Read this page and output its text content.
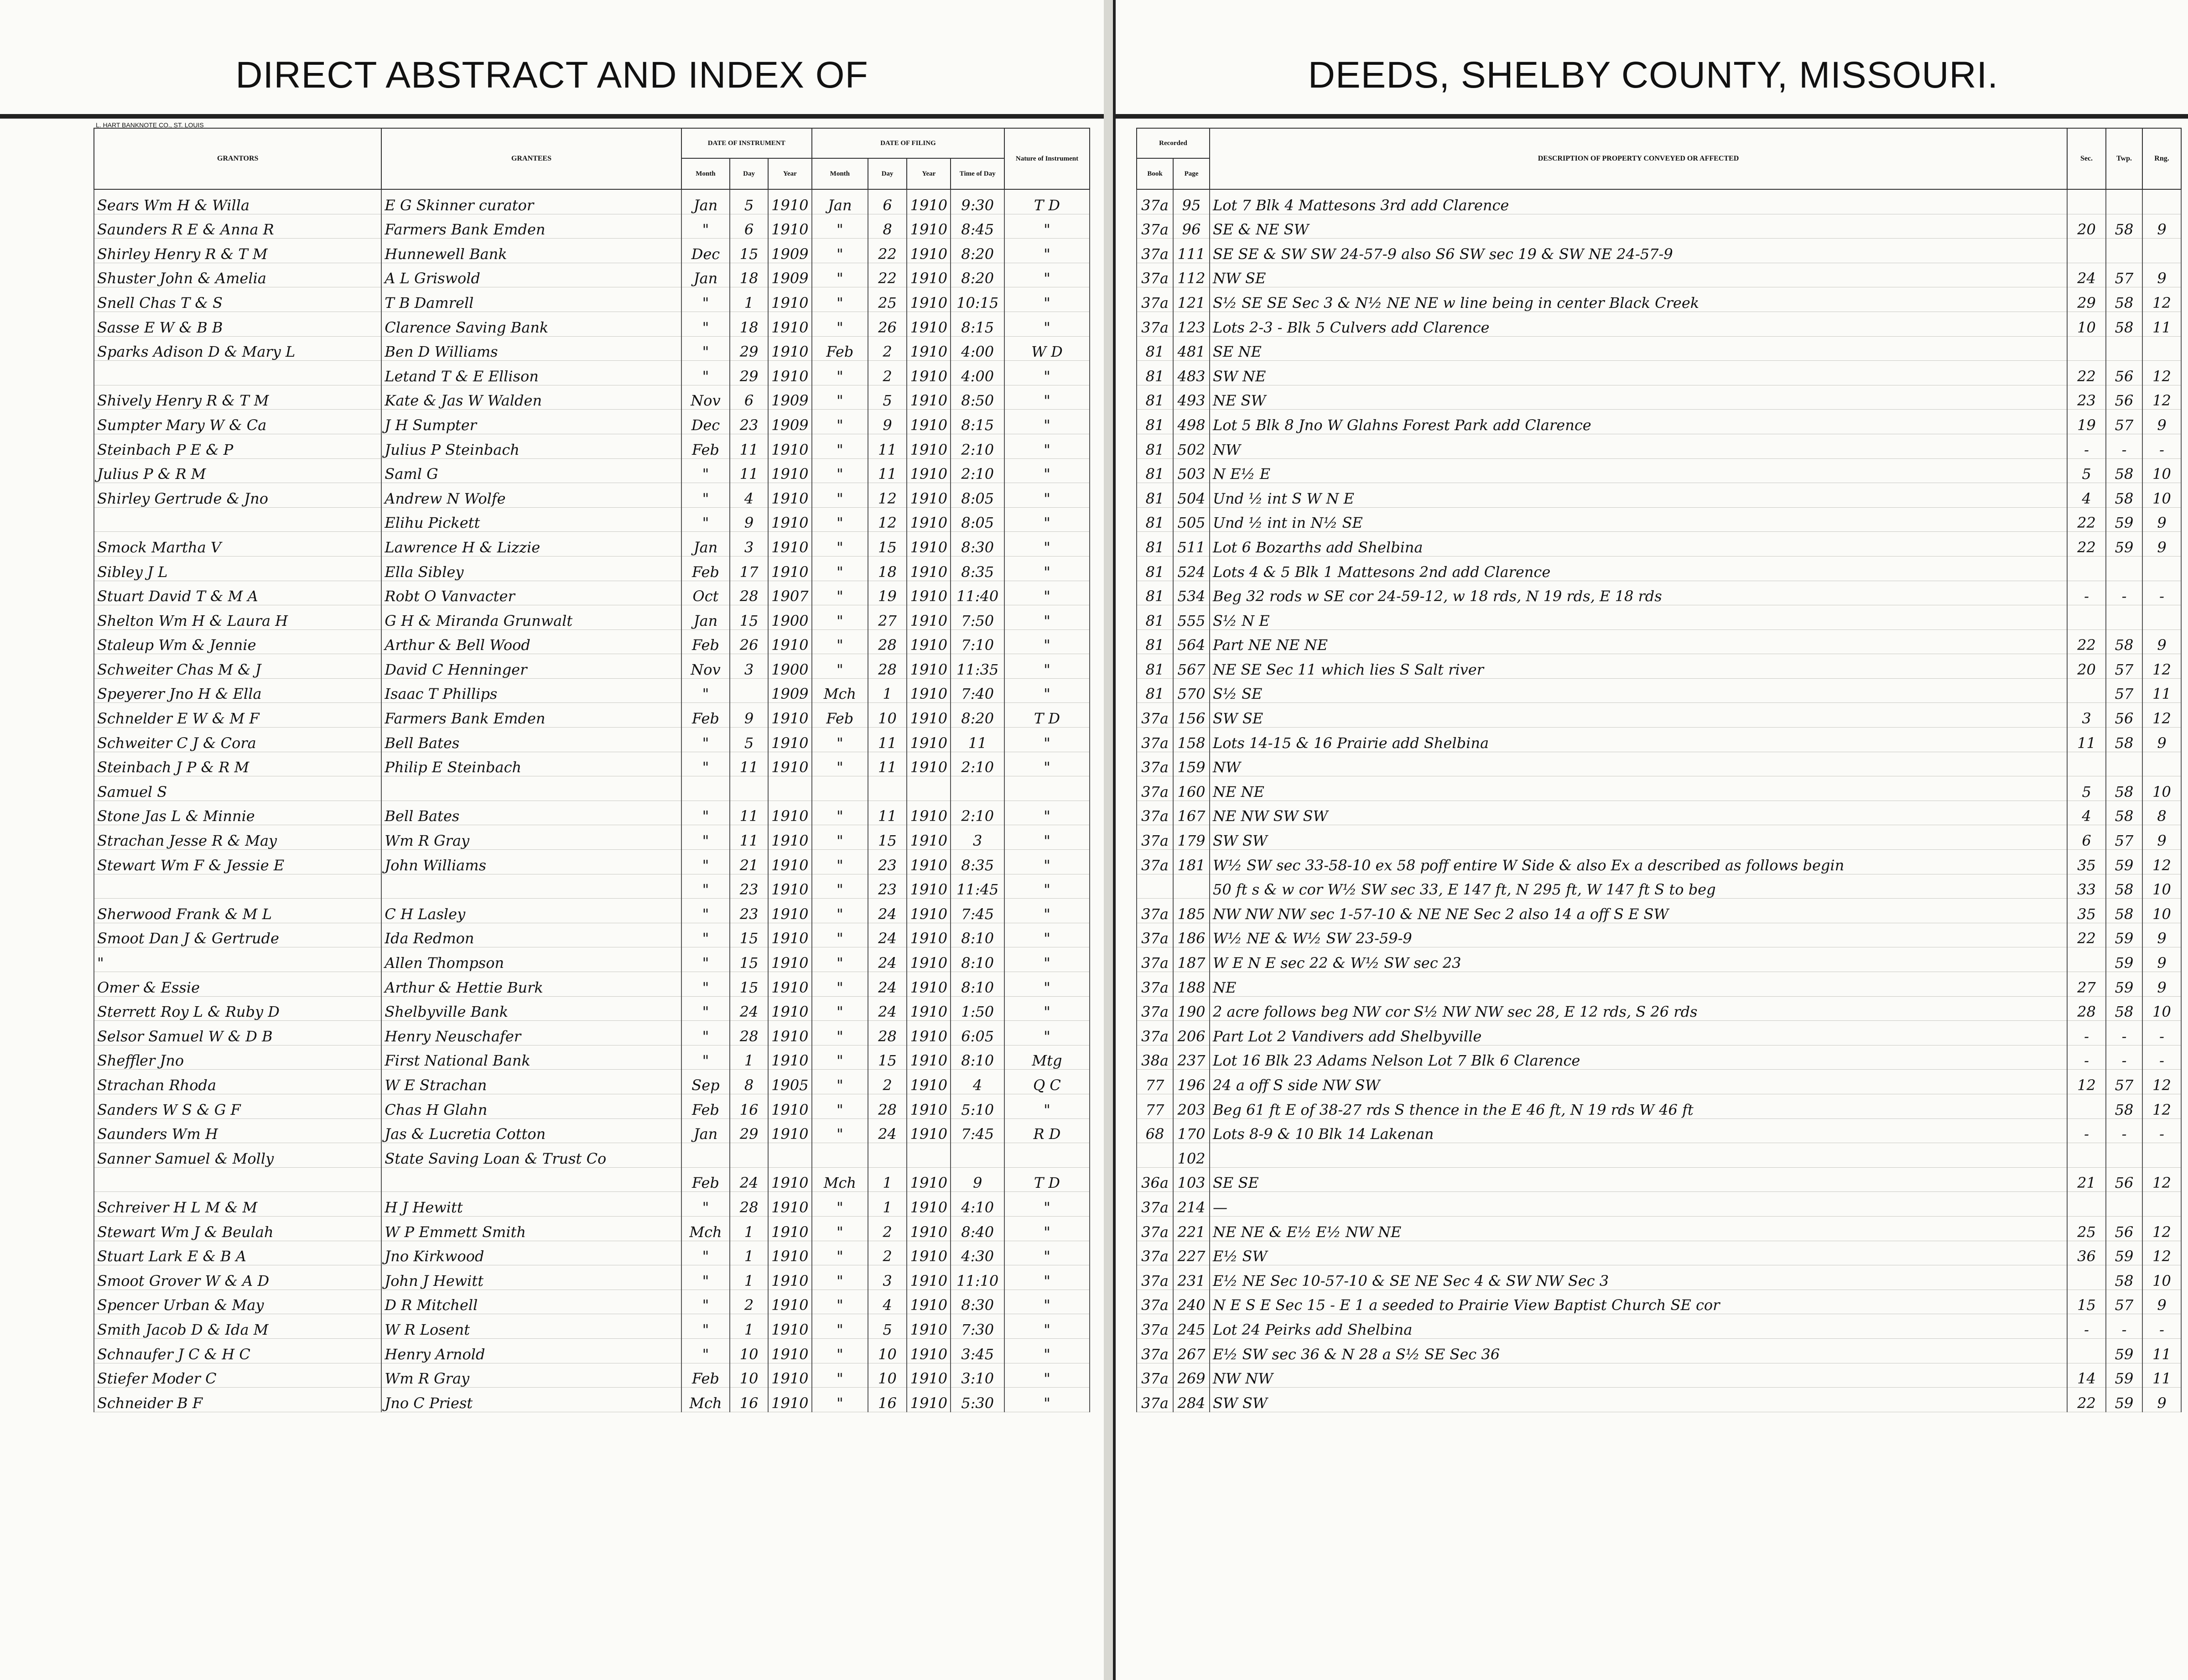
DIRECT ABSTRACT AND INDEX OF
L. HART BANKNOTE CO., ST. LOUIS
GRANTORS	GRANTEES	DATE OF INSTRUMENT			DATE OF FILING				Nature of Instrument
		Month	Day	Year	Month	Day	Year	Time of Day	
Sears Wm H & Willa	E G Skinner curator	Jan	5	1910	Jan	6	1910	9:30	T D
Saunders R E & Anna R	Farmers Bank Emden	"	6	1910	"	8	1910	8:45	"
Shirley Henry R & T M	Hunnewell Bank	Dec	15	1909	"	22	1910	8:20	"
Shuster John & Amelia	A L Griswold	Jan	18	1909	"	22	1910	8:20	"
Snell Chas T & S	T B Damrell	"	1	1910	"	25	1910	10:15	"
Sasse E W & B B	Clarence Saving Bank	"	18	1910	"	26	1910	8:15	"
Sparks Adison D & Mary L	Ben D Williams	"	29	1910	Feb	2	1910	4:00	W D
	Letand T & E Ellison	"	29	1910	"	2	1910	4:00	"
Shively Henry R & T M	Kate & Jas W Walden	Nov	6	1909	"	5	1910	8:50	"
Sumpter Mary W & Ca	J H Sumpter	Dec	23	1909	"	9	1910	8:15	"
Steinbach P E & P	Julius P Steinbach	Feb	11	1910	"	11	1910	2:10	"
Julius P & R M	Saml G	"	11	1910	"	11	1910	2:10	"
Shirley Gertrude & Jno	Andrew N Wolfe	"	4	1910	"	12	1910	8:05	"
	Elihu Pickett	"	9	1910	"	12	1910	8:05	"
Smock Martha V	Lawrence H & Lizzie	Jan	3	1910	"	15	1910	8:30	"
Sibley J L	Ella Sibley	Feb	17	1910	"	18	1910	8:35	"
Stuart David T & M A	Robt O Vanvacter	Oct	28	1907	"	19	1910	11:40	"
Shelton Wm H & Laura H	G H & Miranda Grunwalt	Jan	15	1900	"	27	1910	7:50	"
Staleup Wm & Jennie	Arthur & Bell Wood	Feb	26	1910	"	28	1910	7:10	"
Schweiter Chas M & J	David C Henninger	Nov	3	1900	"	28	1910	11:35	"
Speyerer Jno H & Ella	Isaac T Phillips	"		1909	Mch	1	1910	7:40	"
Schnelder E W & M F	Farmers Bank Emden	Feb	9	1910	Feb	10	1910	8:20	T D
Schweiter C J & Cora	Bell Bates	"	5	1910	"	11	1910	11	"
Steinbach J P & R M	Philip E Steinbach	"	11	1910	"	11	1910	2:10	"
Samuel S									
Stone Jas L & Minnie	Bell Bates	"	11	1910	"	11	1910	2:10	"
Strachan Jesse R & May	Wm R Gray	"	11	1910	"	15	1910	3	"
Stewart Wm F & Jessie E	John Williams	"	21	1910	"	23	1910	8:35	"
		"	23	1910	"	23	1910	11:45	"
Sherwood Frank & M L	C H Lasley	"	23	1910	"	24	1910	7:45	"
Smoot Dan J & Gertrude	Ida Redmon	"	15	1910	"	24	1910	8:10	"
"	Allen Thompson	"	15	1910	"	24	1910	8:10	"
Omer & Essie	Arthur & Hettie Burk	"	15	1910	"	24	1910	8:10	"
Sterrett Roy L & Ruby D	Shelbyville Bank	"	24	1910	"	24	1910	1:50	"
Selsor Samuel W & D B	Henry Neuschafer	"	28	1910	"	28	1910	6:05	"
Sheffler Jno	First National Bank	"	1	1910	"	15	1910	8:10	Mtg
Strachan Rhoda	W E Strachan	Sep	8	1905	"	2	1910	4	Q C
Sanders W S & G F	Chas H Glahn	Feb	16	1910	"	28	1910	5:10	"
Saunders Wm H	Jas & Lucretia Cotton	Jan	29	1910	"	24	1910	7:45	R D
Sanner Samuel & Molly	State Saving Loan & Trust Co								
		Feb	24	1910	Mch	1	1910	9	T D
Schreiver H L M & M	H J Hewitt	"	28	1910	"	1	1910	4:10	"
Stewart Wm J & Beulah	W P Emmett Smith	Mch	1	1910	"	2	1910	8:40	"
Stuart Lark E & B A	Jno Kirkwood	"	1	1910	"	2	1910	4:30	"
Smoot Grover W & A D	John J Hewitt	"	1	1910	"	3	1910	11:10	"
Spencer Urban & May	D R Mitchell	"	2	1910	"	4	1910	8:30	"
Smith Jacob D & Ida M	W R Losent	"	1	1910	"	5	1910	7:30	"
Schnaufer J C & H C	Henry Arnold	"	10	1910	"	10	1910	3:45	"
Stiefer Moder C	Wm R Gray	Feb	10	1910	"	10	1910	3:10	"
Schneider B F	Jno C Priest	Mch	16	1910	"	16	1910	5:30	"
DEEDS, SHELBY COUNTY, MISSOURI.
Recorded		DESCRIPTION OF PROPERTY CONVEYED OR AFFECTED	Sec.	Twp.	Rng.
Book	Page				
37a	95	Lot 7 Blk 4 Mattesons 3rd add Clarence			
37a	96	SE & NE SW	20	58	9
37a	111	SE SE & SW SW 24-57-9 also S6 SW sec 19 & SW NE 24-57-9			
37a	112	NW SE	24	57	9
37a	121	S½ SE SE Sec 3 & N½ NE NE w line being in center Black Creek	29	58	12
37a	123	Lots 2-3 - Blk 5 Culvers add Clarence	10	58	11
81	481	SE NE			
81	483	SW NE	22	56	12
81	493	NE SW	23	56	12
81	498	Lot 5 Blk 8 Jno W Glahns Forest Park add Clarence	19	57	9
81	502	NW	-	-	-
81	503	N E½ E	5	58	10
81	504	Und ½ int S W N E	4	58	10
81	505	Und ½ int in N½ SE	22	59	9
81	511	Lot 6 Bozarths add Shelbina	22	59	9
81	524	Lots 4 & 5 Blk 1 Mattesons 2nd add Clarence			
81	534	Beg 32 rods w SE cor 24-59-12, w 18 rds, N 19 rds, E 18 rds	-	-	-
81	555	S½ N E			
81	564	Part NE NE NE	22	58	9
81	567	NE SE Sec 11 which lies S Salt river	20	57	12
81	570	S½ SE		57	11
37a	156	SW SE	3	56	12
37a	158	Lots 14-15 & 16 Prairie add Shelbina	11	58	9
37a	159	NW			
37a	160	NE NE	5	58	10
37a	167	NE NW SW SW	4	58	8
37a	179	SW SW	6	57	9
37a	181	W½ SW sec 33-58-10 ex 58 poff entire W Side & also Ex a described as follows begin	35	59	12
		50 ft s & w cor W½ SW sec 33, E 147 ft, N 295 ft, W 147 ft S to beg	33	58	10
37a	185	NW NW NW sec 1-57-10 & NE NE Sec 2 also 14 a off S E SW	35	58	10
37a	186	W½ NE & W½ SW 23-59-9	22	59	9
37a	187	W E N E sec 22 & W½ SW sec 23		59	9
37a	188	NE	27	59	9
37a	190	2 acre follows beg NW cor S½ NW NW sec 28, E 12 rds, S 26 rds	28	58	10
37a	206	Part Lot 2 Vandivers add Shelbyville	-	-	-
38a	237	Lot 16 Blk 23 Adams Nelson Lot 7 Blk 6 Clarence	-	-	-
77	196	24 a off S side NW SW	12	57	12
77	203	Beg 61 ft E of 38-27 rds S thence in the E 46 ft, N 19 rds W 46 ft		58	12
68	170	Lots 8-9 & 10 Blk 14 Lakenan	-	-	-
	102				
36a	103	SE SE	21	56	12
37a	214	—			
37a	221	NE NE & E½ E½ NW NE	25	56	12
37a	227	E½ SW	36	59	12
37a	231	E½ NE Sec 10-57-10 & SE NE Sec 4 & SW NW Sec 3		58	10
37a	240	N E S E Sec 15 - E 1 a seeded to Prairie View Baptist Church SE cor	15	57	9
37a	245	Lot 24 Peirks add Shelbina	-	-	-
37a	267	E½ SW sec 36 & N 28 a S½ SE Sec 36		59	11
37a	269	NW NW	14	59	11
37a	284	SW SW	22	59	9
